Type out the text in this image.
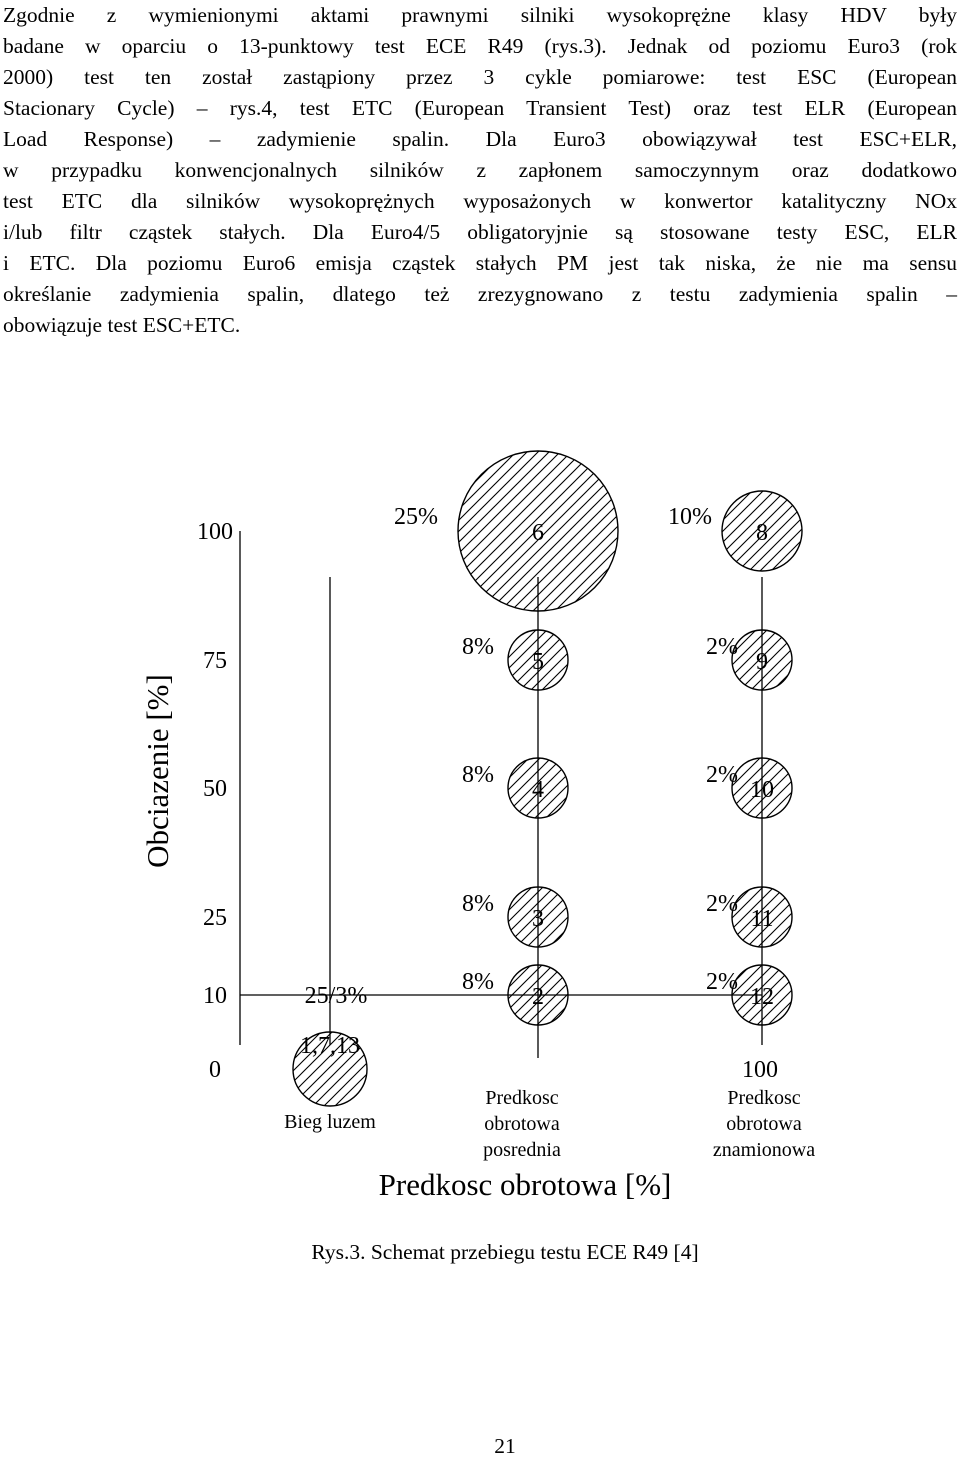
Zgodnie z wymienionymi aktami prawnymi silniki wysokoprężne klasy HDV były
badane w oparciu o 13-punktowy test ECE R49 (rys.3). Jednak od poziomu Euro3 (rok
2000) test ten został zastąpiony przez 3 cykle pomiarowe: test ESC (European
Stacionary Cycle) – rys.4, test ETC (European Transient Test) oraz test ELR (European
Load Response) – zadymienie spalin. Dla Euro3 obowiązywał test ESC+ELR,
w przypadku konwencjonalnych silników z zapłonem samoczynnym oraz dodatkowo
test ETC dla silników wysokoprężnych wyposażonych w konwertor katalityczny NOx
i/lub filtr cząstek stałych. Dla Euro4/5 obligatoryjnie są stosowane testy ESC, ELR
i ETC. Dla poziomu Euro6 emisja cząstek stałych PM jest tak niska, że nie ma sensu
określanie zadymienia spalin, dlatego też zrezygnowano z testu zadymienia spalin –
obowiązuje test ESC+ETC.
100
75
50
25
10
0	100
Obciazenie [%]
Predkosc obrotowa [%]
Bieg luzem
Predkosc
obrotowa
posrednia
Predkosc
obrotowa
znamionowa
1,7,13
25/3%	2
8%
3
8%
4
8%
5
8%
6
25%
8
10%
9
2%
10
2%
11
2%
12
2%
Rys.3. Schemat przebiegu testu ECE R49 [4]
21
